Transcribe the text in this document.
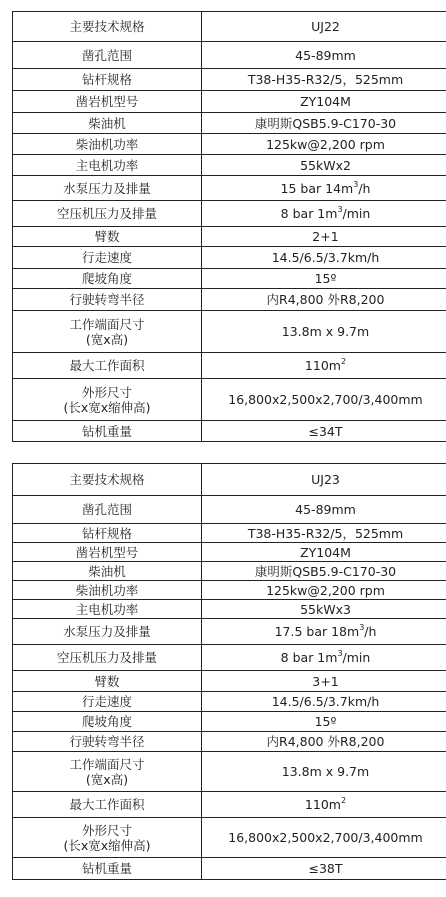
主要技术规格	UJ22
凿孔范围	45-89mm
钻杆规格	T38-H35-R32/5，525mm
凿岩机型号	ZY104M
柴油机	康明斯QSB5.9-C170-30
柴油机功率	125kw@2,200 rpm
主电机功率	55kWx2
水泵压力及排量	15 bar $14m^3/h$
空压机压力及排量	8 bar $1m^3/\min$
臂数	2+1
行走速度	14.5/6.5/3.7km/h
爬坡角度	15º
行驶转弯半径	内R4,800 外R8,200

工作端面尺寸
(宽x高)	13.8m x 9.7m
最大工作面积	$110m^2$

外形尺寸
(长x宽x缩伸高)	16,800x2,500x2,700/3,400mm
钻机重量	≤34T
主要技术规格	UJ23
凿孔范围	45-89mm
钻杆规格	T38-H35-R32/5，525mm
凿岩机型号	ZY104M
柴油机	康明斯QSB5.9-C170-30
柴油机功率	125kw@2,200 rpm
主电机功率	55kWx3
水泵压力及排量	17.5 bar $18m^3/h$
空压机压力及排量	8 bar $1m^3/\min$
臂数	3+1
行走速度	14.5/6.5/3.7km/h
爬坡角度	15º
行驶转弯半径	内R4,800 外R8,200

工作端面尺寸
(宽x高)	13.8m x 9.7m
最大工作面积	$110m^2$

外形尺寸
(长x宽x缩伸高)	16,800x2,500x2,700/3,400mm
钻机重量	≤38T
